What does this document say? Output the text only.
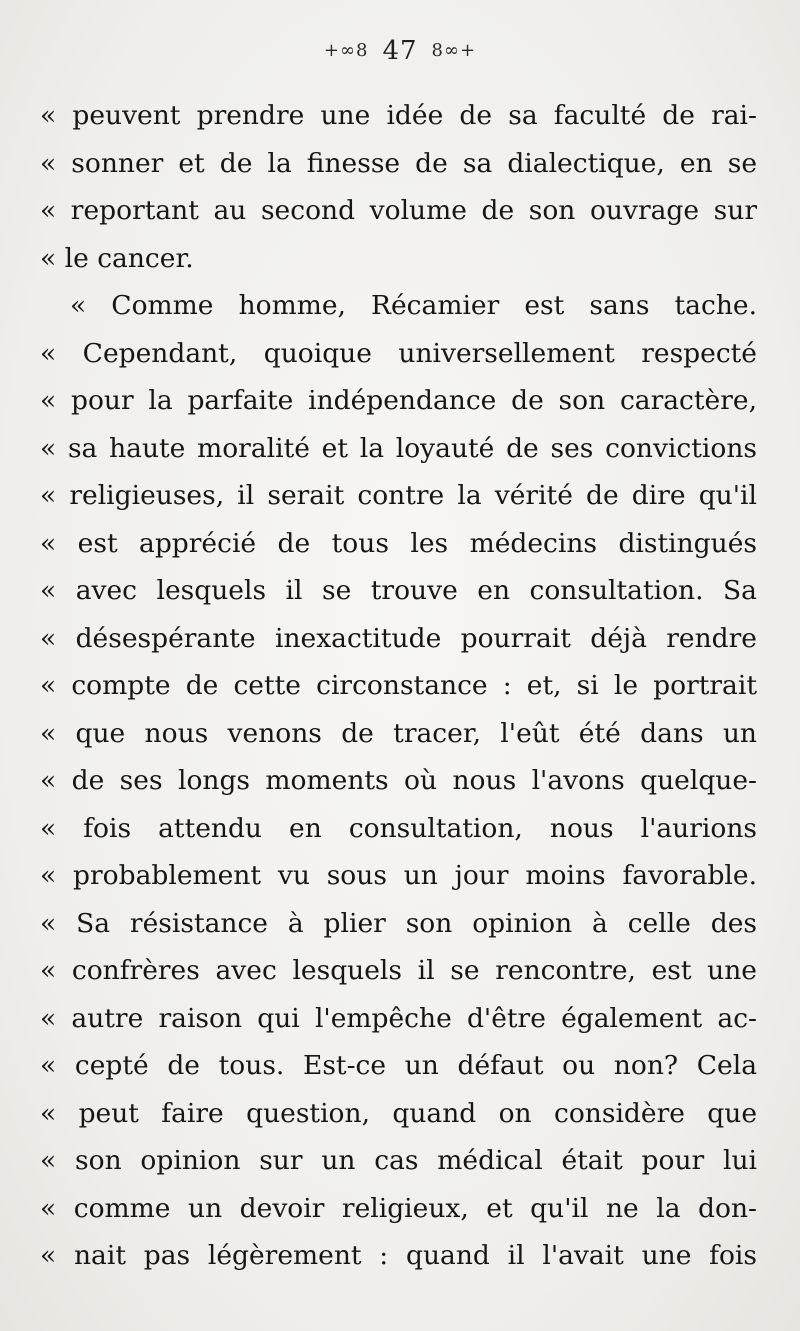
+∞8 47 8∞+
« peuvent prendre une idée de sa faculté de rai-
« sonner et de la finesse de sa dialectique, en se
« reportant au second volume de son ouvrage sur
« le cancer.
« Comme homme, Récamier est sans tache.
« Cependant, quoique universellement respecté
« pour la parfaite indépendance de son caractère,
« sa haute moralité et la loyauté de ses convictions
« religieuses, il serait contre la vérité de dire qu'il
« est apprécié de tous les médecins distingués
« avec lesquels il se trouve en consultation. Sa
« désespérante inexactitude pourrait déjà rendre
« compte de cette circonstance : et, si le portrait
« que nous venons de tracer, l'eût été dans un
« de ses longs moments où nous l'avons quelque-
« fois attendu en consultation, nous l'aurions
« probablement vu sous un jour moins favorable.
« Sa résistance à plier son opinion à celle des
« confrères avec lesquels il se rencontre, est une
« autre raison qui l'empêche d'être également ac-
« cepté de tous. Est-ce un défaut ou non? Cela
« peut faire question, quand on considère que
« son opinion sur un cas médical était pour lui
« comme un devoir religieux, et qu'il ne la don-
« nait pas légèrement : quand il l'avait une fois
